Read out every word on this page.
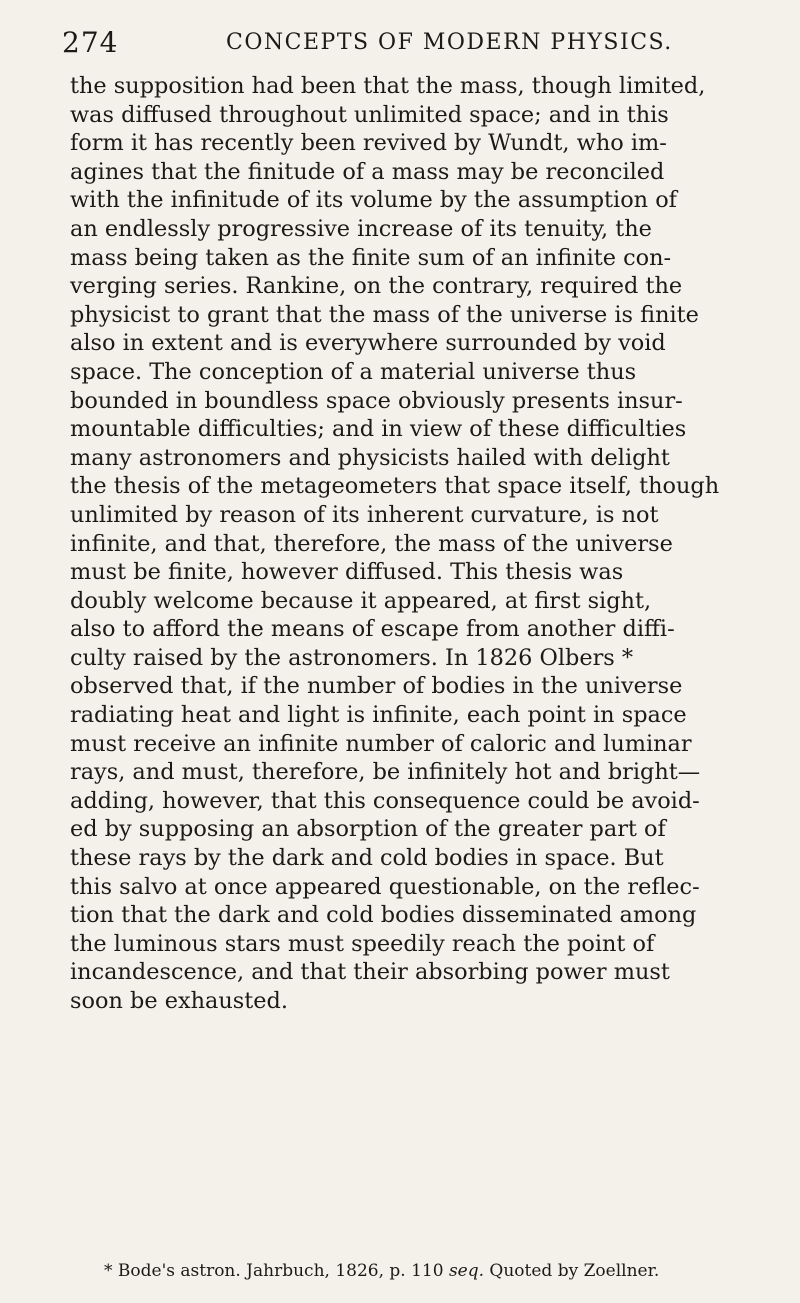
274	CONCEPTS OF MODERN PHYSICS.
the supposition had been that the mass, though limited,
was diffused throughout unlimited space; and in this
form it has recently been revived by Wundt, who im-
agines that the finitude of a mass may be reconciled
with the infinitude of its volume by the assumption of
an endlessly progressive increase of its tenuity, the
mass being taken as the finite sum of an infinite con-
verging series. Rankine, on the contrary, required the
physicist to grant that the mass of the universe is finite
also in extent and is everywhere surrounded by void
space. The conception of a material universe thus
bounded in boundless space obviously presents insur-
mountable difficulties; and in view of these difficulties
many astronomers and physicists hailed with delight
the thesis of the metageometers that space itself, though
unlimited by reason of its inherent curvature, is not
infinite, and that, therefore, the mass of the universe
must be finite, however diffused. This thesis was
doubly welcome because it appeared, at first sight,
also to afford the means of escape from another diffi-
culty raised by the astronomers. In 1826 Olbers *
observed that, if the number of bodies in the universe
radiating heat and light is infinite, each point in space
must receive an infinite number of caloric and luminar
rays, and must, therefore, be infinitely hot and bright—
adding, however, that this consequence could be avoid-
ed by supposing an absorption of the greater part of
these rays by the dark and cold bodies in space. But
this salvo at once appeared questionable, on the reflec-
tion that the dark and cold bodies disseminated among
the luminous stars must speedily reach the point of
incandescence, and that their absorbing power must
soon be exhausted.
* Bode's astron. Jahrbuch, 1826, p. 110 seq. Quoted by Zoellner.
